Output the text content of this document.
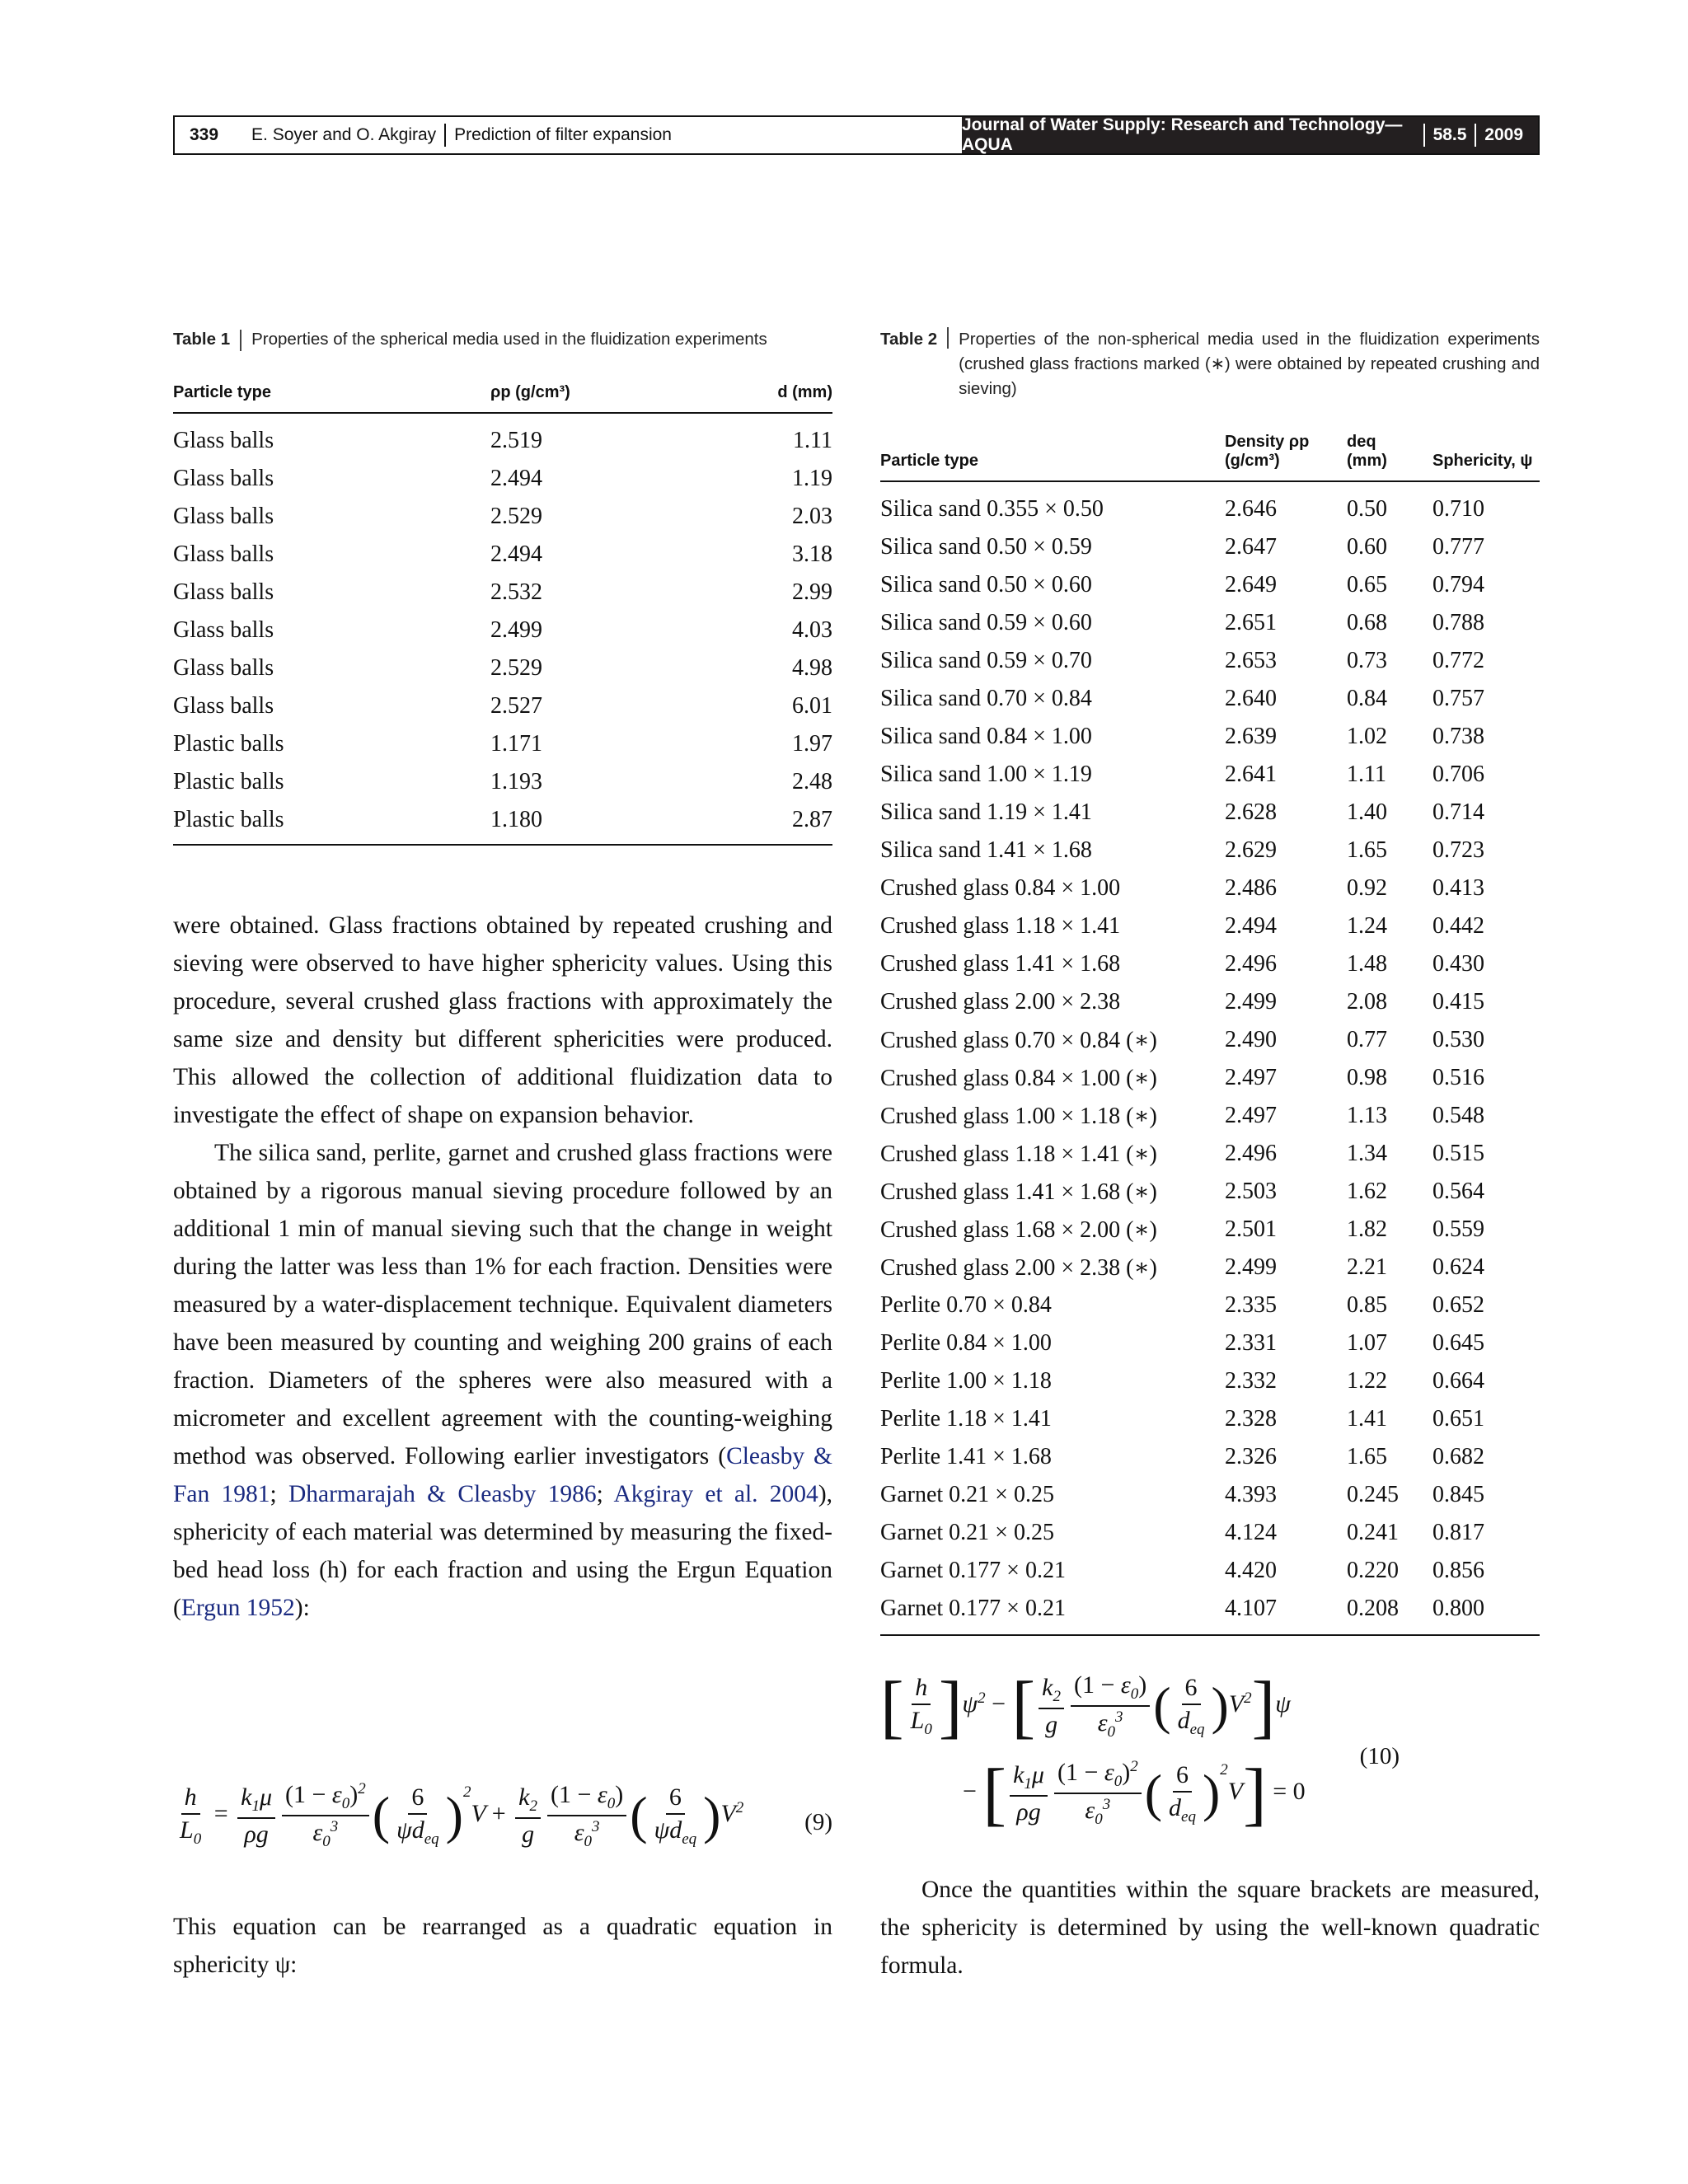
339 E. Soyer and O. Akgiray Prediction of filter expansion
Journal of Water Supply: Research and Technology—AQUA
58.5 2009
Table 1 Properties of the spherical media used in the fluidization experiments
Particle type	ρp (g/cm³)	d (mm)
Glass balls	2.519	1.11
Glass balls	2.494	1.19
Glass balls	2.529	2.03
Glass balls	2.494	3.18
Glass balls	2.532	2.99
Glass balls	2.499	4.03
Glass balls	2.529	4.98
Glass balls	2.527	6.01
Plastic balls	1.171	1.97
Plastic balls	1.193	2.48
Plastic balls	1.180	2.87

were obtained. Glass fractions obtained by repeated crushing and sieving were observed to have higher sphericity values. Using this procedure, several crushed glass fractions with approximately the same size and density but different sphericities were produced. This allowed the collection of additional fluidization data to investigate the effect of shape on expansion behavior.

The silica sand, perlite, garnet and crushed glass fractions were obtained by a rigorous manual sieving procedure followed by an additional 1 min of manual sieving such that the change in weight during the latter was less than 1% for each fraction. Densities were measured by a water-displacement technique. Equivalent diameters have been measured by counting and weighing 200 grains of each fraction. Diameters of the spheres were also measured with a micrometer and excellent agreement with the counting-weighing method was observed. Following earlier investigators (Cleasby & Fan 1981; Dharmarajah & Cleasby 1986; Akgiray et al. 2004), sphericity of each material was determined by measuring the fixed-bed head loss (h) for each fraction and using the Ergun Equation (Ergun 1952):

$\frac{h}{L_0} = \frac{k_1\mu}{\rho g} \frac{(1 - \varepsilon_0)^2}{\varepsilon_0^3}$ ( $\frac{6}{\psi d_{eq}} )^2V + \frac{k_2}{g} \frac{(1 - \varepsilon_0)}{\varepsilon_0^3}$ ( $\frac{6}{\psi d_{eq}} )V^2$
(9)

This equation can be rearranged as a quadratic equation in sphericity ψ:

Table 2 Properties of the non-spherical media used in the fluidization experiments (crushed glass fractions marked (∗) were obtained by repeated crushing and sieving)
Particle type	Density ρp (g/cm³)	deq (mm)	Sphericity, ψ
Silica sand 0.355 × 0.50	2.646	0.50	0.710
Silica sand 0.50 × 0.59	2.647	0.60	0.777
Silica sand 0.50 × 0.60	2.649	0.65	0.794
Silica sand 0.59 × 0.60	2.651	0.68	0.788
Silica sand 0.59 × 0.70	2.653	0.73	0.772
Silica sand 0.70 × 0.84	2.640	0.84	0.757
Silica sand 0.84 × 1.00	2.639	1.02	0.738
Silica sand 1.00 × 1.19	2.641	1.11	0.706
Silica sand 1.19 × 1.41	2.628	1.40	0.714
Silica sand 1.41 × 1.68	2.629	1.65	0.723
Crushed glass 0.84 × 1.00	2.486	0.92	0.413
Crushed glass 1.18 × 1.41	2.494	1.24	0.442
Crushed glass 1.41 × 1.68	2.496	1.48	0.430
Crushed glass 2.00 × 2.38	2.499	2.08	0.415
Crushed glass 0.70 × 0.84 (∗)	2.490	0.77	0.530
Crushed glass 0.84 × 1.00 (∗)	2.497	0.98	0.516
Crushed glass 1.00 × 1.18 (∗)	2.497	1.13	0.548
Crushed glass 1.18 × 1.41 (∗)	2.496	1.34	0.515
Crushed glass 1.41 × 1.68 (∗)	2.503	1.62	0.564
Crushed glass 1.68 × 2.00 (∗)	2.501	1.82	0.559
Crushed glass 2.00 × 2.38 (∗)	2.499	2.21	0.624
Perlite 0.70 × 0.84	2.335	0.85	0.652
Perlite 0.84 × 1.00	2.331	1.07	0.645
Perlite 1.00 × 1.18	2.332	1.22	0.664
Perlite 1.18 × 1.41	2.328	1.41	0.651
Perlite 1.41 × 1.68	2.326	1.65	0.682
Garnet 0.21 × 0.25	4.393	0.245	0.845
Garnet 0.21 × 0.25	4.124	0.241	0.817
Garnet 0.177 × 0.21	4.420	0.220	0.856
Garnet 0.177 × 0.21	4.107	0.208	0.800
[ $\frac{h}{L_0} ]\psi^2$ − [ $\frac{k_2}{g} \frac{(1 - \varepsilon_0)}{\varepsilon_0^3}$ ( $\frac{6}{d_{eq}} )V^2]\psi$
− [ $\frac{k_1\mu}{\rho g} \frac{(1 - \varepsilon_0)^2}{\varepsilon_0^3}$ ( $\frac{6}{d_{eq}} )^2V] = 0$
(10)

Once the quantities within the square brackets are measured, the sphericity is determined by using the well-known quadratic formula.
